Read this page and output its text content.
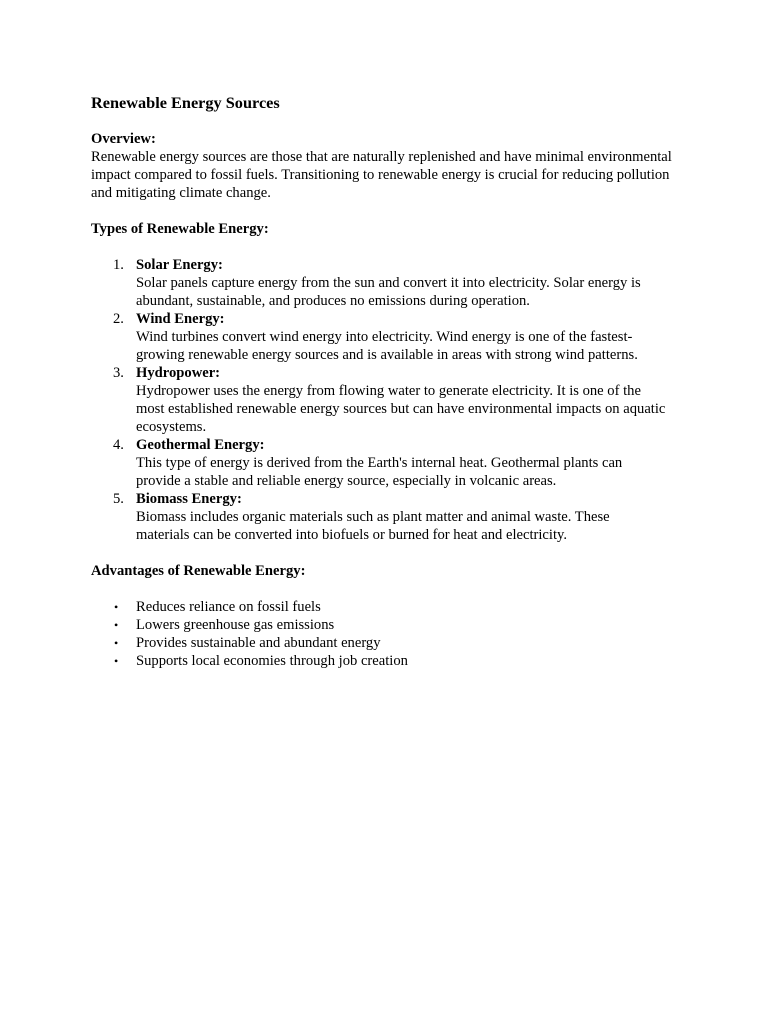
Renewable Energy Sources
Overview:
Renewable energy sources are those that are naturally replenished and have minimal environmental impact compared to fossil fuels. Transitioning to renewable energy is crucial for reducing pollution and mitigating climate change.
Types of Renewable Energy:
1. Solar Energy:
Solar panels capture energy from the sun and convert it into electricity. Solar energy is abundant, sustainable, and produces no emissions during operation.
2. Wind Energy:
Wind turbines convert wind energy into electricity. Wind energy is one of the fastest-growing renewable energy sources and is available in areas with strong wind patterns.
3. Hydropower:
Hydropower uses the energy from flowing water to generate electricity. It is one of the most established renewable energy sources but can have environmental impacts on aquatic ecosystems.
4. Geothermal Energy:
This type of energy is derived from the Earth's internal heat. Geothermal plants can provide a stable and reliable energy source, especially in volcanic areas.
5. Biomass Energy:
Biomass includes organic materials such as plant matter and animal waste. These materials can be converted into biofuels or burned for heat and electricity.
Advantages of Renewable Energy:
• Reduces reliance on fossil fuels
• Lowers greenhouse gas emissions
• Provides sustainable and abundant energy
• Supports local economies through job creation
